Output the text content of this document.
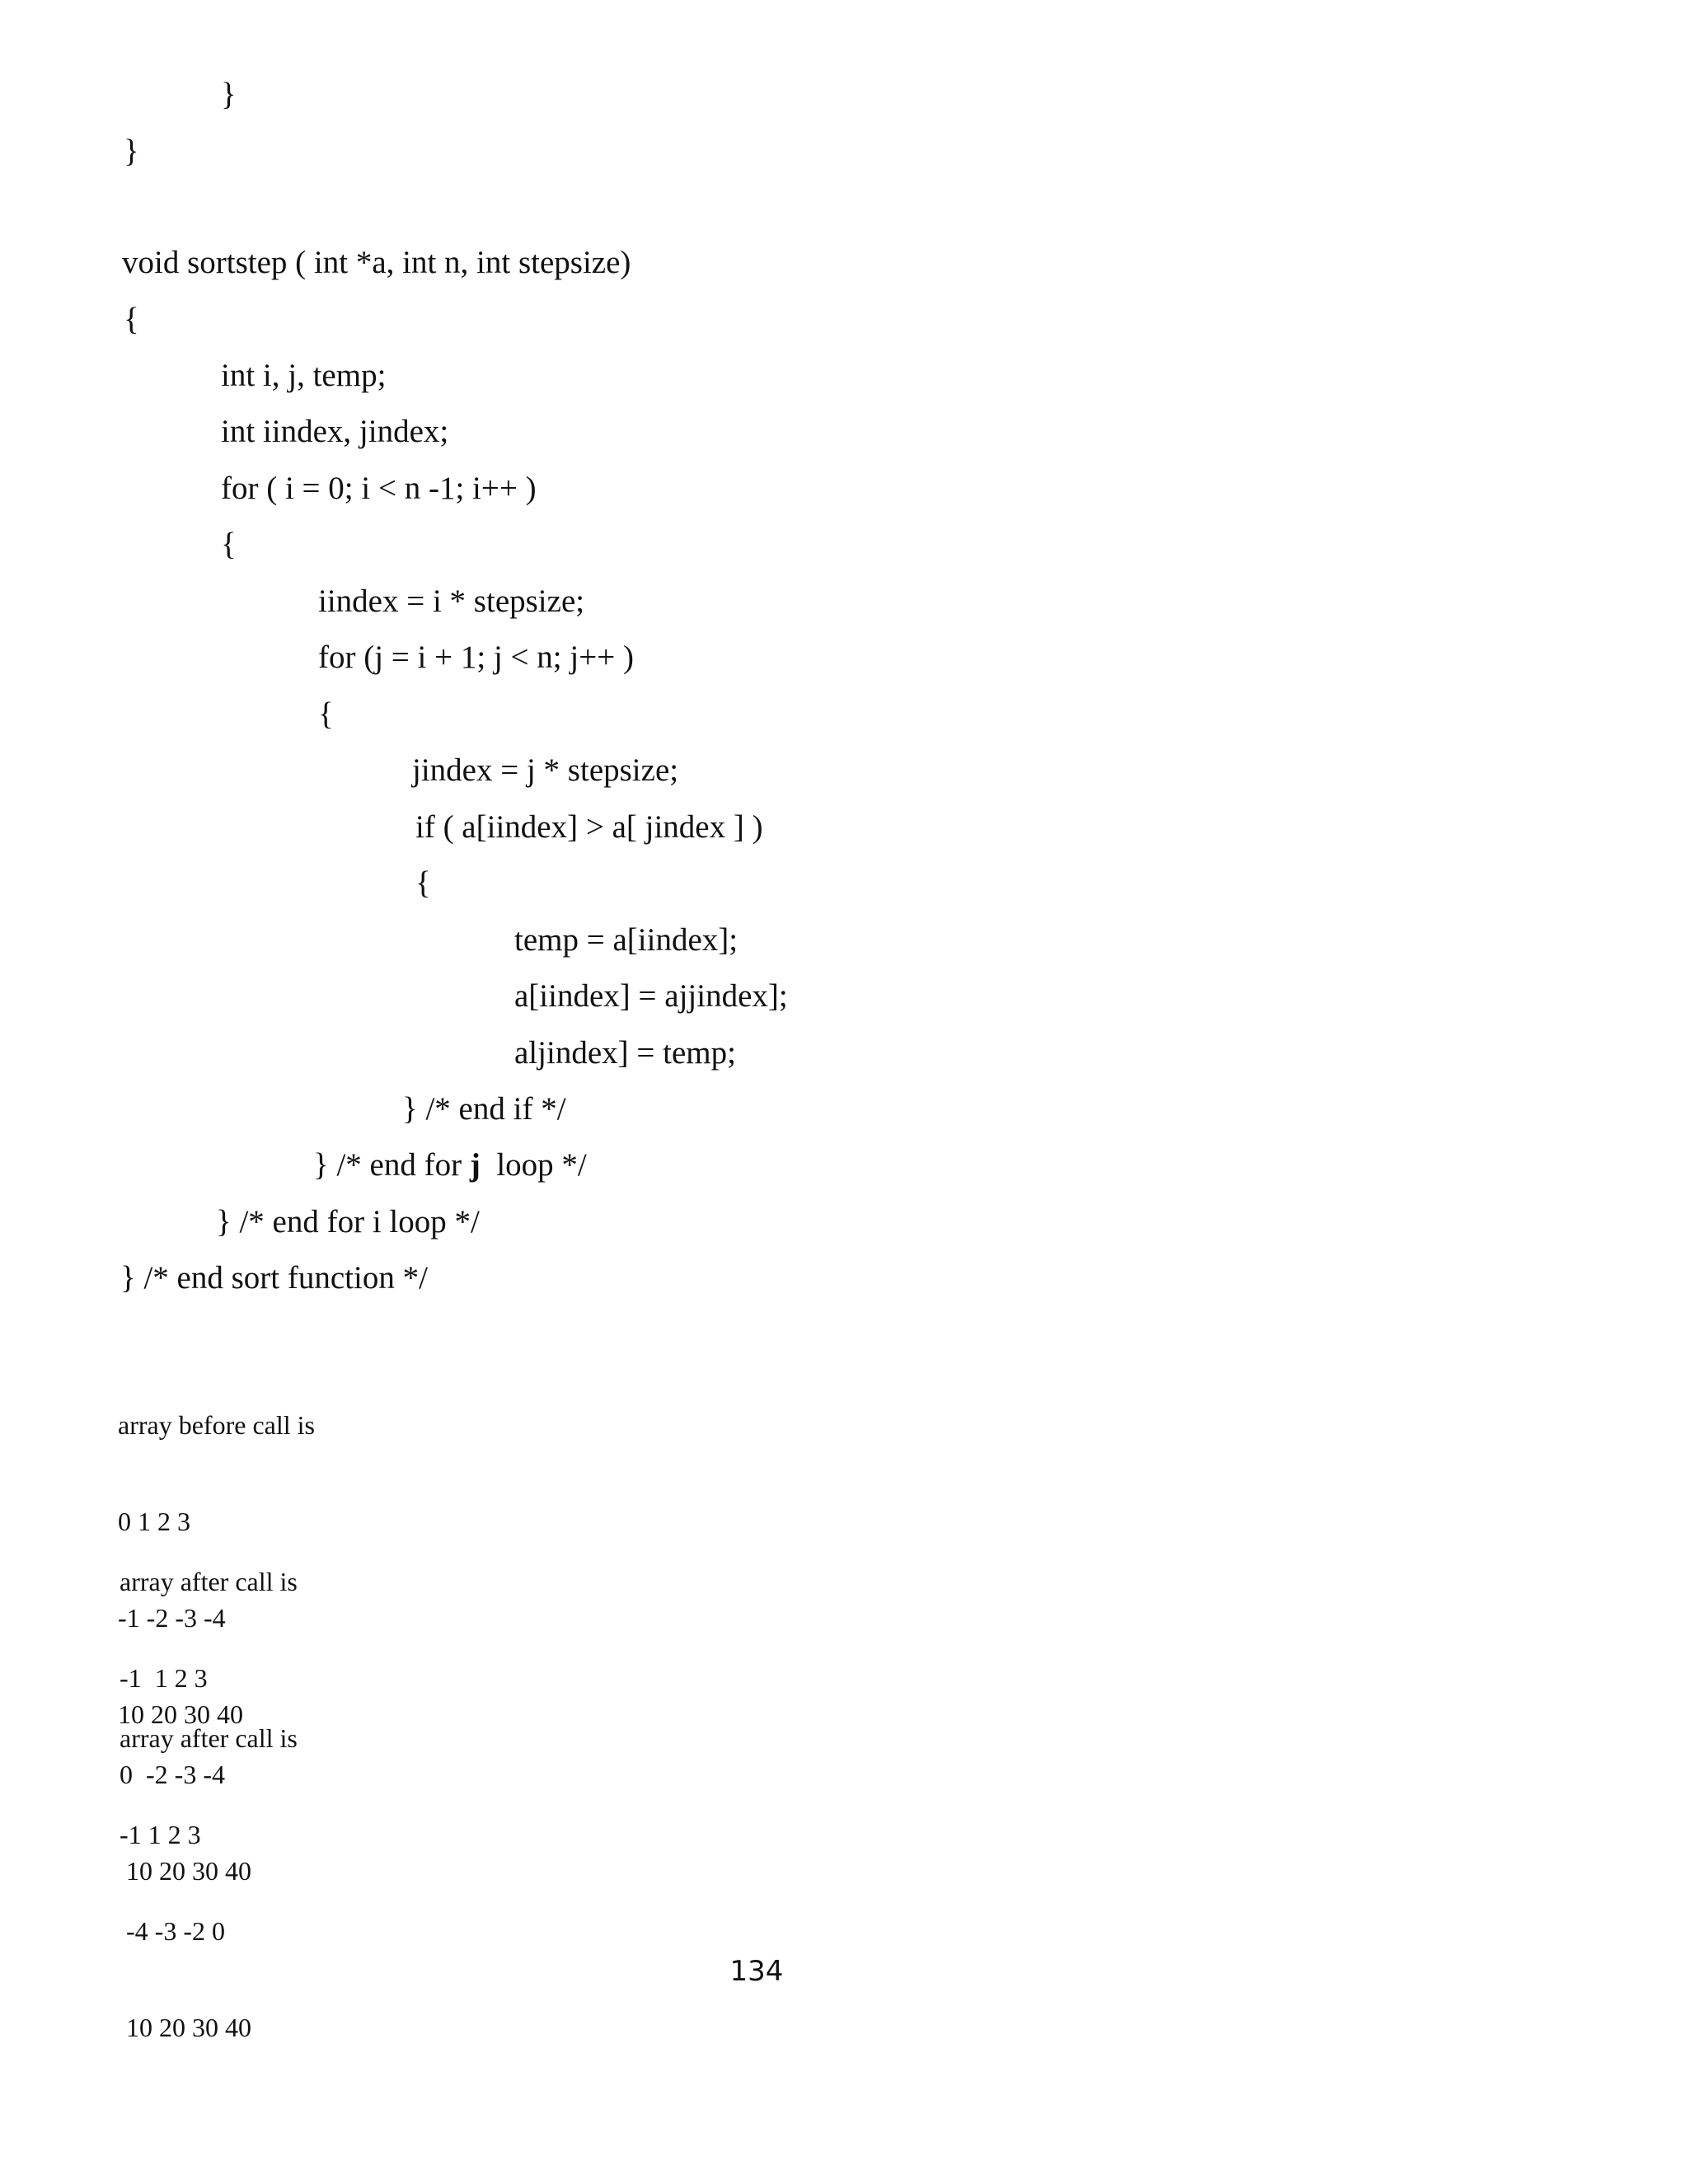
}
}
void sortstep ( int *a, int n, int stepsize)
{
int i, j, temp;
int iindex, jindex;
for ( i = 0; i < n -1; i++ )
{
iindex = i * stepsize;
for (j = i + 1; j < n; j++ )
{
jindex = j * stepsize;
if ( a[iindex] > a[ jindex ] )
{
temp = a[iindex];
a[iindex] = ajjindex];
aljindex] = temp;
} /* end if */
} /* end for j  loop */
} /* end for i loop */
} /* end sort function */

array before call is

0 1 2 3

-1 -2 -3 -4

10 20 30 40

array after call is

-1  1 2 3

0  -2 -3 -4

10 20 30 40

array after call is

-1 1 2 3

-4 -3 -2 0

10 20 30 40

134
